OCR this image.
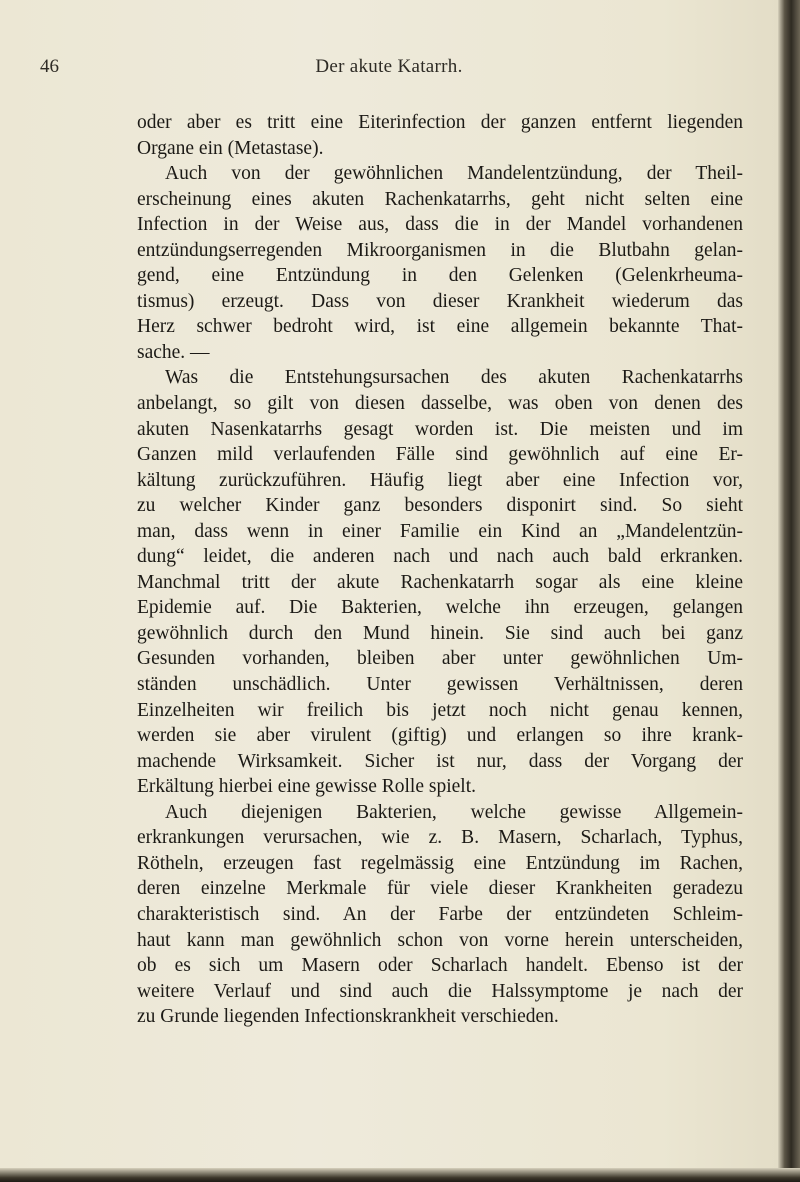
46	Der akute Katarrh.
oder aber es tritt eine Eiterinfection der ganzen entfernt liegenden
Organe ein (Metastase).
Auch von der gewöhnlichen Mandelentzündung, der Theil-
erscheinung eines akuten Rachenkatarrhs, geht nicht selten eine
Infection in der Weise aus, dass die in der Mandel vorhandenen
entzündungserregenden Mikroorganismen in die Blutbahn gelan-
gend, eine Entzündung in den Gelenken (Gelenkrheuma-
tismus) erzeugt. Dass von dieser Krankheit wiederum das
Herz schwer bedroht wird, ist eine allgemein bekannte That-
sache. —
Was die Entstehungsursachen des akuten Rachenkatarrhs
anbelangt, so gilt von diesen dasselbe, was oben von denen des
akuten Nasenkatarrhs gesagt worden ist. Die meisten und im
Ganzen mild verlaufenden Fälle sind gewöhnlich auf eine Er-
kältung zurückzuführen. Häufig liegt aber eine Infection vor,
zu welcher Kinder ganz besonders disponirt sind. So sieht
man, dass wenn in einer Familie ein Kind an „Mandelentzün-
dung“ leidet, die anderen nach und nach auch bald erkranken.
Manchmal tritt der akute Rachenkatarrh sogar als eine kleine
Epidemie auf. Die Bakterien, welche ihn erzeugen, gelangen
gewöhnlich durch den Mund hinein. Sie sind auch bei ganz
Gesunden vorhanden, bleiben aber unter gewöhnlichen Um-
ständen unschädlich. Unter gewissen Verhältnissen, deren
Einzelheiten wir freilich bis jetzt noch nicht genau kennen,
werden sie aber virulent (giftig) und erlangen so ihre krank-
machende Wirksamkeit. Sicher ist nur, dass der Vorgang der
Erkältung hierbei eine gewisse Rolle spielt.
Auch diejenigen Bakterien, welche gewisse Allgemein-
erkrankungen verursachen, wie z. B. Masern, Scharlach, Typhus,
Rötheln, erzeugen fast regelmässig eine Entzündung im Rachen,
deren einzelne Merkmale für viele dieser Krankheiten geradezu
charakteristisch sind. An der Farbe der entzündeten Schleim-
haut kann man gewöhnlich schon von vorne herein unterscheiden,
ob es sich um Masern oder Scharlach handelt. Ebenso ist der
weitere Verlauf und sind auch die Halssymptome je nach der
zu Grunde liegenden Infectionskrankheit verschieden.
